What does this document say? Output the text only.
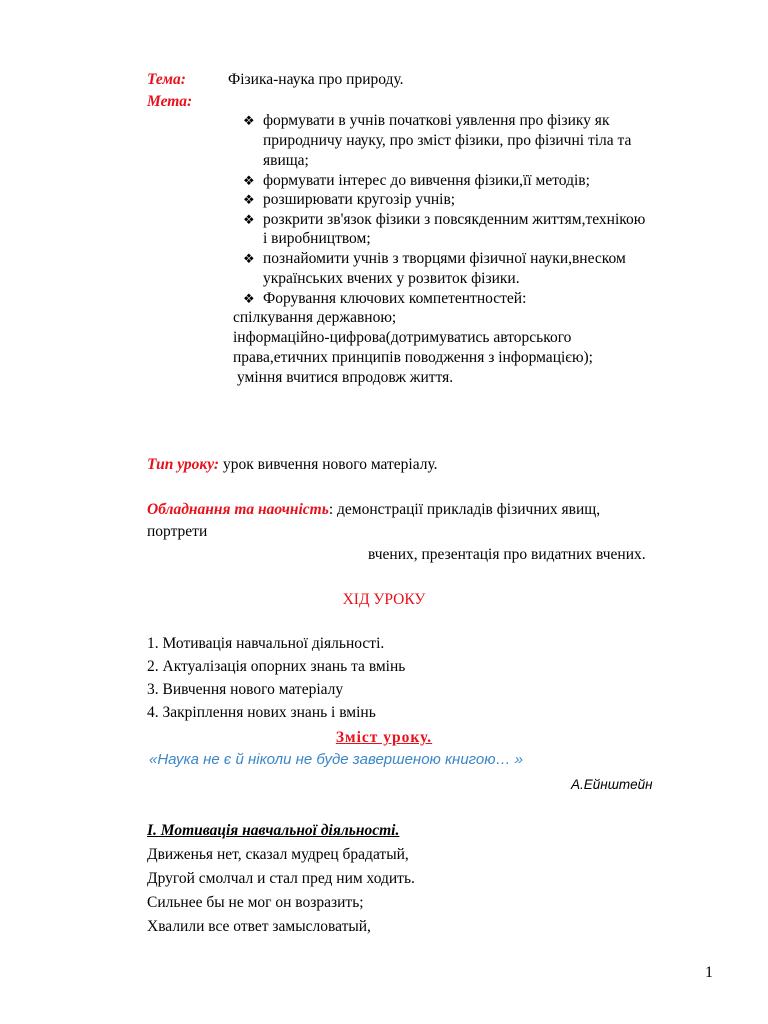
Тема:	Фізика-наука про природу.
Мета:
❖ формувати в учнів початкові уявлення про фізику як
природничу науку, про зміст фізики, про фізичні тіла та
явища;
❖ формувати інтерес до вивчення фізики,її методів;
❖ розширювати кругозір учнів;
❖ розкрити зв'язок фізики з повсякденним життям,технікою
і виробництвом;
❖ познайомити учнів з творцями фізичної науки,внеском
українських вчених у розвиток фізики.
❖ Форування ключових компетентностей:
спілкування державною;
інформаційно-цифрова(дотримуватись авторського
права,етичних принципів поводження з інформацією);
уміння вчитися впродовж життя.
Тип уроку: урок вивчення нового матеріалу.
Обладнання та наочність: демонстрації прикладів фізичних явищ,
портрети
вчених, презентація про видатних вчених.
ХІД УРОКУ
1. Мотивація навчальної діяльності.
2. Актуалізація опорних знань та вмінь
3. Вивчення нового матеріалу
4. Закріплення нових знань і вмінь
Зміст уроку.
«Наука не є й ніколи не буде завершеною книгою… »
А.Ейнштейн
I. Мотивація навчальної діяльності.
Движенья нет, сказал мудрец брадатый,
Другой смолчал и стал пред ним ходить.
Сильнее бы не мог он возразить;
Хвалили все ответ замысловатый,
1
